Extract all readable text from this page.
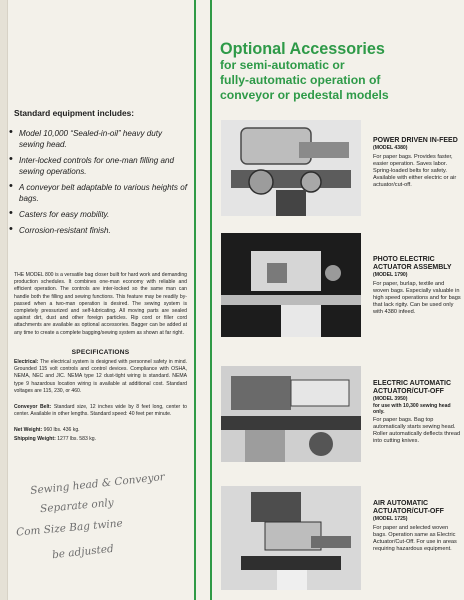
Standard equipment includes:
• Model 10,000 “Sealed-in-oil” heavy duty sewing head.
• Inter-locked controls for one-man filling and sewing operations.
• A conveyor belt adaptable to various heights of bags.
• Casters for easy mobility.
• Corrosion-resistant finish.
THE MODEL 800 is a versatile bag closer built for hard work and demanding production schedules. It combines one-man economy with reliable and efficient operation. The controls are inter-locked so the same man can handle both the filling and sewing functions. This feature may be readily by-passed when a two-man operation is desired. The sewing system is completely pressurized and self-lubricating. All moving parts are sealed against dirt, dust and other foreign particles. Rip cord or filler cord attachments are available as optional accessories. Bagger can be added at any time to create a complete bagging/sewing system as shown at far right.
SPECIFICATIONS
Electrical: The electrical system is designed with personnel safety in mind. Grounded 115 volt controls and control devices. Compliance with OSHA, NEMA, NEC and JIC. NEMA type 12 dust-tight wiring is standard. NEMA type 9 hazardous location wiring is available at additional cost. Standard voltages are 115, 230, or 460.
Conveyor Belt: Standard size, 12 inches wide by 8 feet long, center to center. Available in other lengths. Standard speed: 40 feet per minute.
Net Weight: 960 lbs. 436 kg.
Shipping Weight: 1277 lbs. 583 kg.
Sewing head & Conveyor
Separate only
Com Size Bag twine
be adjusted
Optional Accessories
for semi-automatic or
fully-automatic operation of
conveyor or pedestal models
POWER DRIVEN IN-FEED
(MODEL 4380)
For paper bags. Provides faster, easier operation. Saves labor. Spring-loaded belts for safety. Available with either electric or air actuator/cut-off.
PHOTO ELECTRIC ACTUATOR ASSEMBLY
(MODEL 1790)
For paper, burlap, textile and woven bags. Especially valuable in high speed operations and for bags that lack rigity. Can be used only with 4380 infeed.
ELECTRIC AUTOMATIC ACTUATOR/CUT-OFF
(MODEL 3950)
for use with 10,300 sewing head only.
For paper bags. Bag top automatically starts sewing head. Roller automatically deflects thread into cutting knives.
AIR AUTOMATIC ACTUATOR/CUT-OFF
(MODEL 1725)
For paper and selected woven bags. Operation same as Electric Actuator/Cut-Off. For use in areas requiring hazardous equipment.
